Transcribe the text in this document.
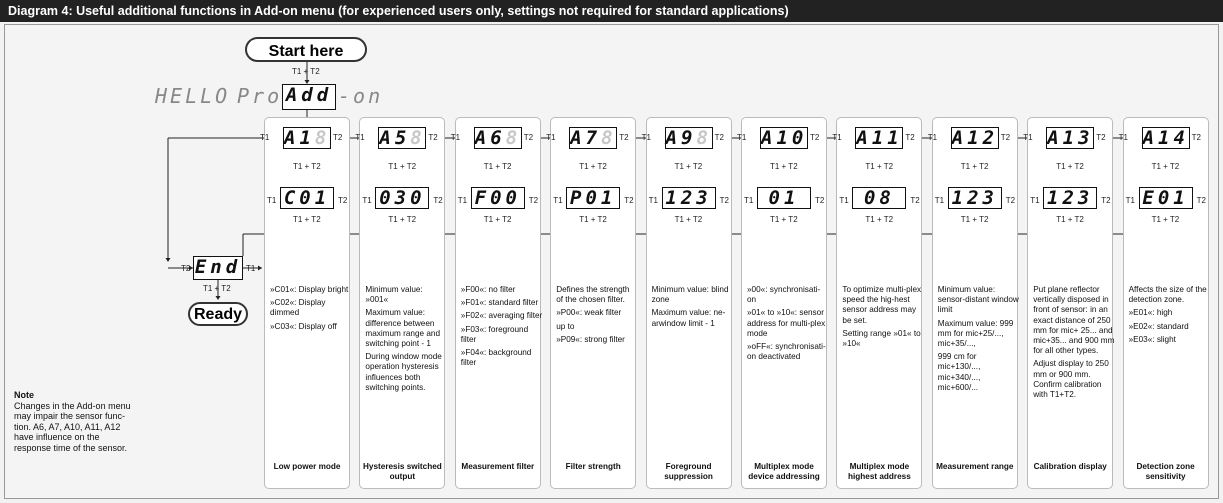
Diagram 4: Useful additional functions in Add-on menu (for experienced users only, settings not required for standard applications)
Start here
T1 + T2
HELLO Pro Add -on
End
T2	T1
T1 + T2
Ready
A18
T1	T2
T1 + T2
C01
T1	T2
T1 + T2
»C01«: Display bright
»C02«: Display dimmed
»C03«: Display off
Low power mode
A58
T1	T2
T1 + T2
030
T1	T2
T1 + T2
Minimum value: »001«
Maximum value: difference between maximum range and switching point - 1
During window mode operation hysteresis influences both switching points.
Hysteresis switched output
A68
T1	T2
T1 + T2
F00
T1	T2
T1 + T2
»F00«: no filter
»F01«: standard filter
»F02«: averaging filter
»F03«: foreground filter
»F04«: background filter
Measurement filter
A78
T1	T2
T1 + T2
P01
T1	T2
T1 + T2
Defines the strength of the chosen filter.
»P00«: weak filter
up to
»P09«: strong filter
Filter strength
A98
T1	T2
T1 + T2
123
T1	T2
T1 + T2
Minimum value: blind zone
Maximum value: ne-arwindow limit - 1
Foreground suppression
A10
T1	T2
T1 + T2
01
T1	T2
T1 + T2
»00«: synchronisati-on
»01« to »10«: sensor address for multi-plex mode
»oFF«: synchronisati-on deactivated
Multiplex mode device addressing
A11
T1	T2
T1 + T2
08
T1	T2
T1 + T2
To optimize multi-plex speed the hig-hest sensor address may be set.
Setting range »01« to »10«
Multiplex mode highest address
A12
T1	T2
T1 + T2
123
T1	T2
T1 + T2
Minimum value: sensor-distant window limit
Maximum value: 999 mm for mic+25/..., mic+35/...,
999 cm for mic+130/..., mic+340/..., mic+600/...
Measurement range
A13
T1	T2
T1 + T2
123
T1	T2
T1 + T2
Put plane reflector vertically disposed in front of sensor: in an exact distance of 250 mm for mic+ 25... and mic+35... and 900 mm for all other types.
Adjust display to 250 mm or 900 mm. Confirm calibration with T1+T2.
Calibration display
A14
T1	T2
T1 + T2
E01
T1	T2
T1 + T2
Affects the size of the detection zone.
»E01«: high
»E02«: standard
»E03«: slight
Detection zone sensitivity
Note
Changes in the Add-on menu may impair the sensor func-tion. A6, A7, A10, A11, A12 have influence on the response time of the sensor.
